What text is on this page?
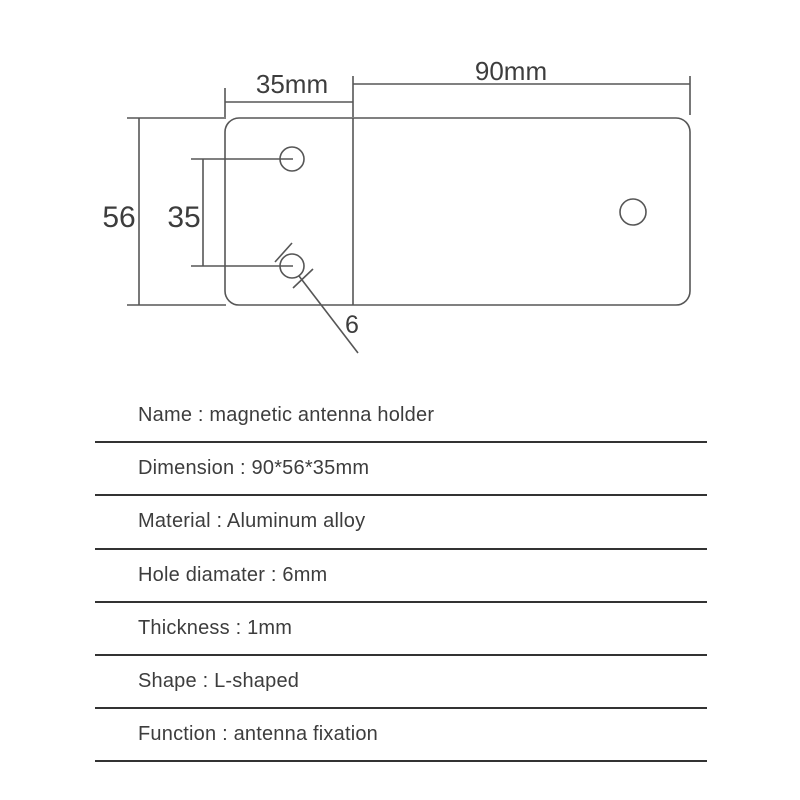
35mm	90mm
56 35
6
Name : magnetic antenna holder
Dimension : 90*56*35mm
Material : Aluminum alloy
Hole diamater : 6mm
Thickness : 1mm
Shape : L-shaped
Function : antenna fixation
